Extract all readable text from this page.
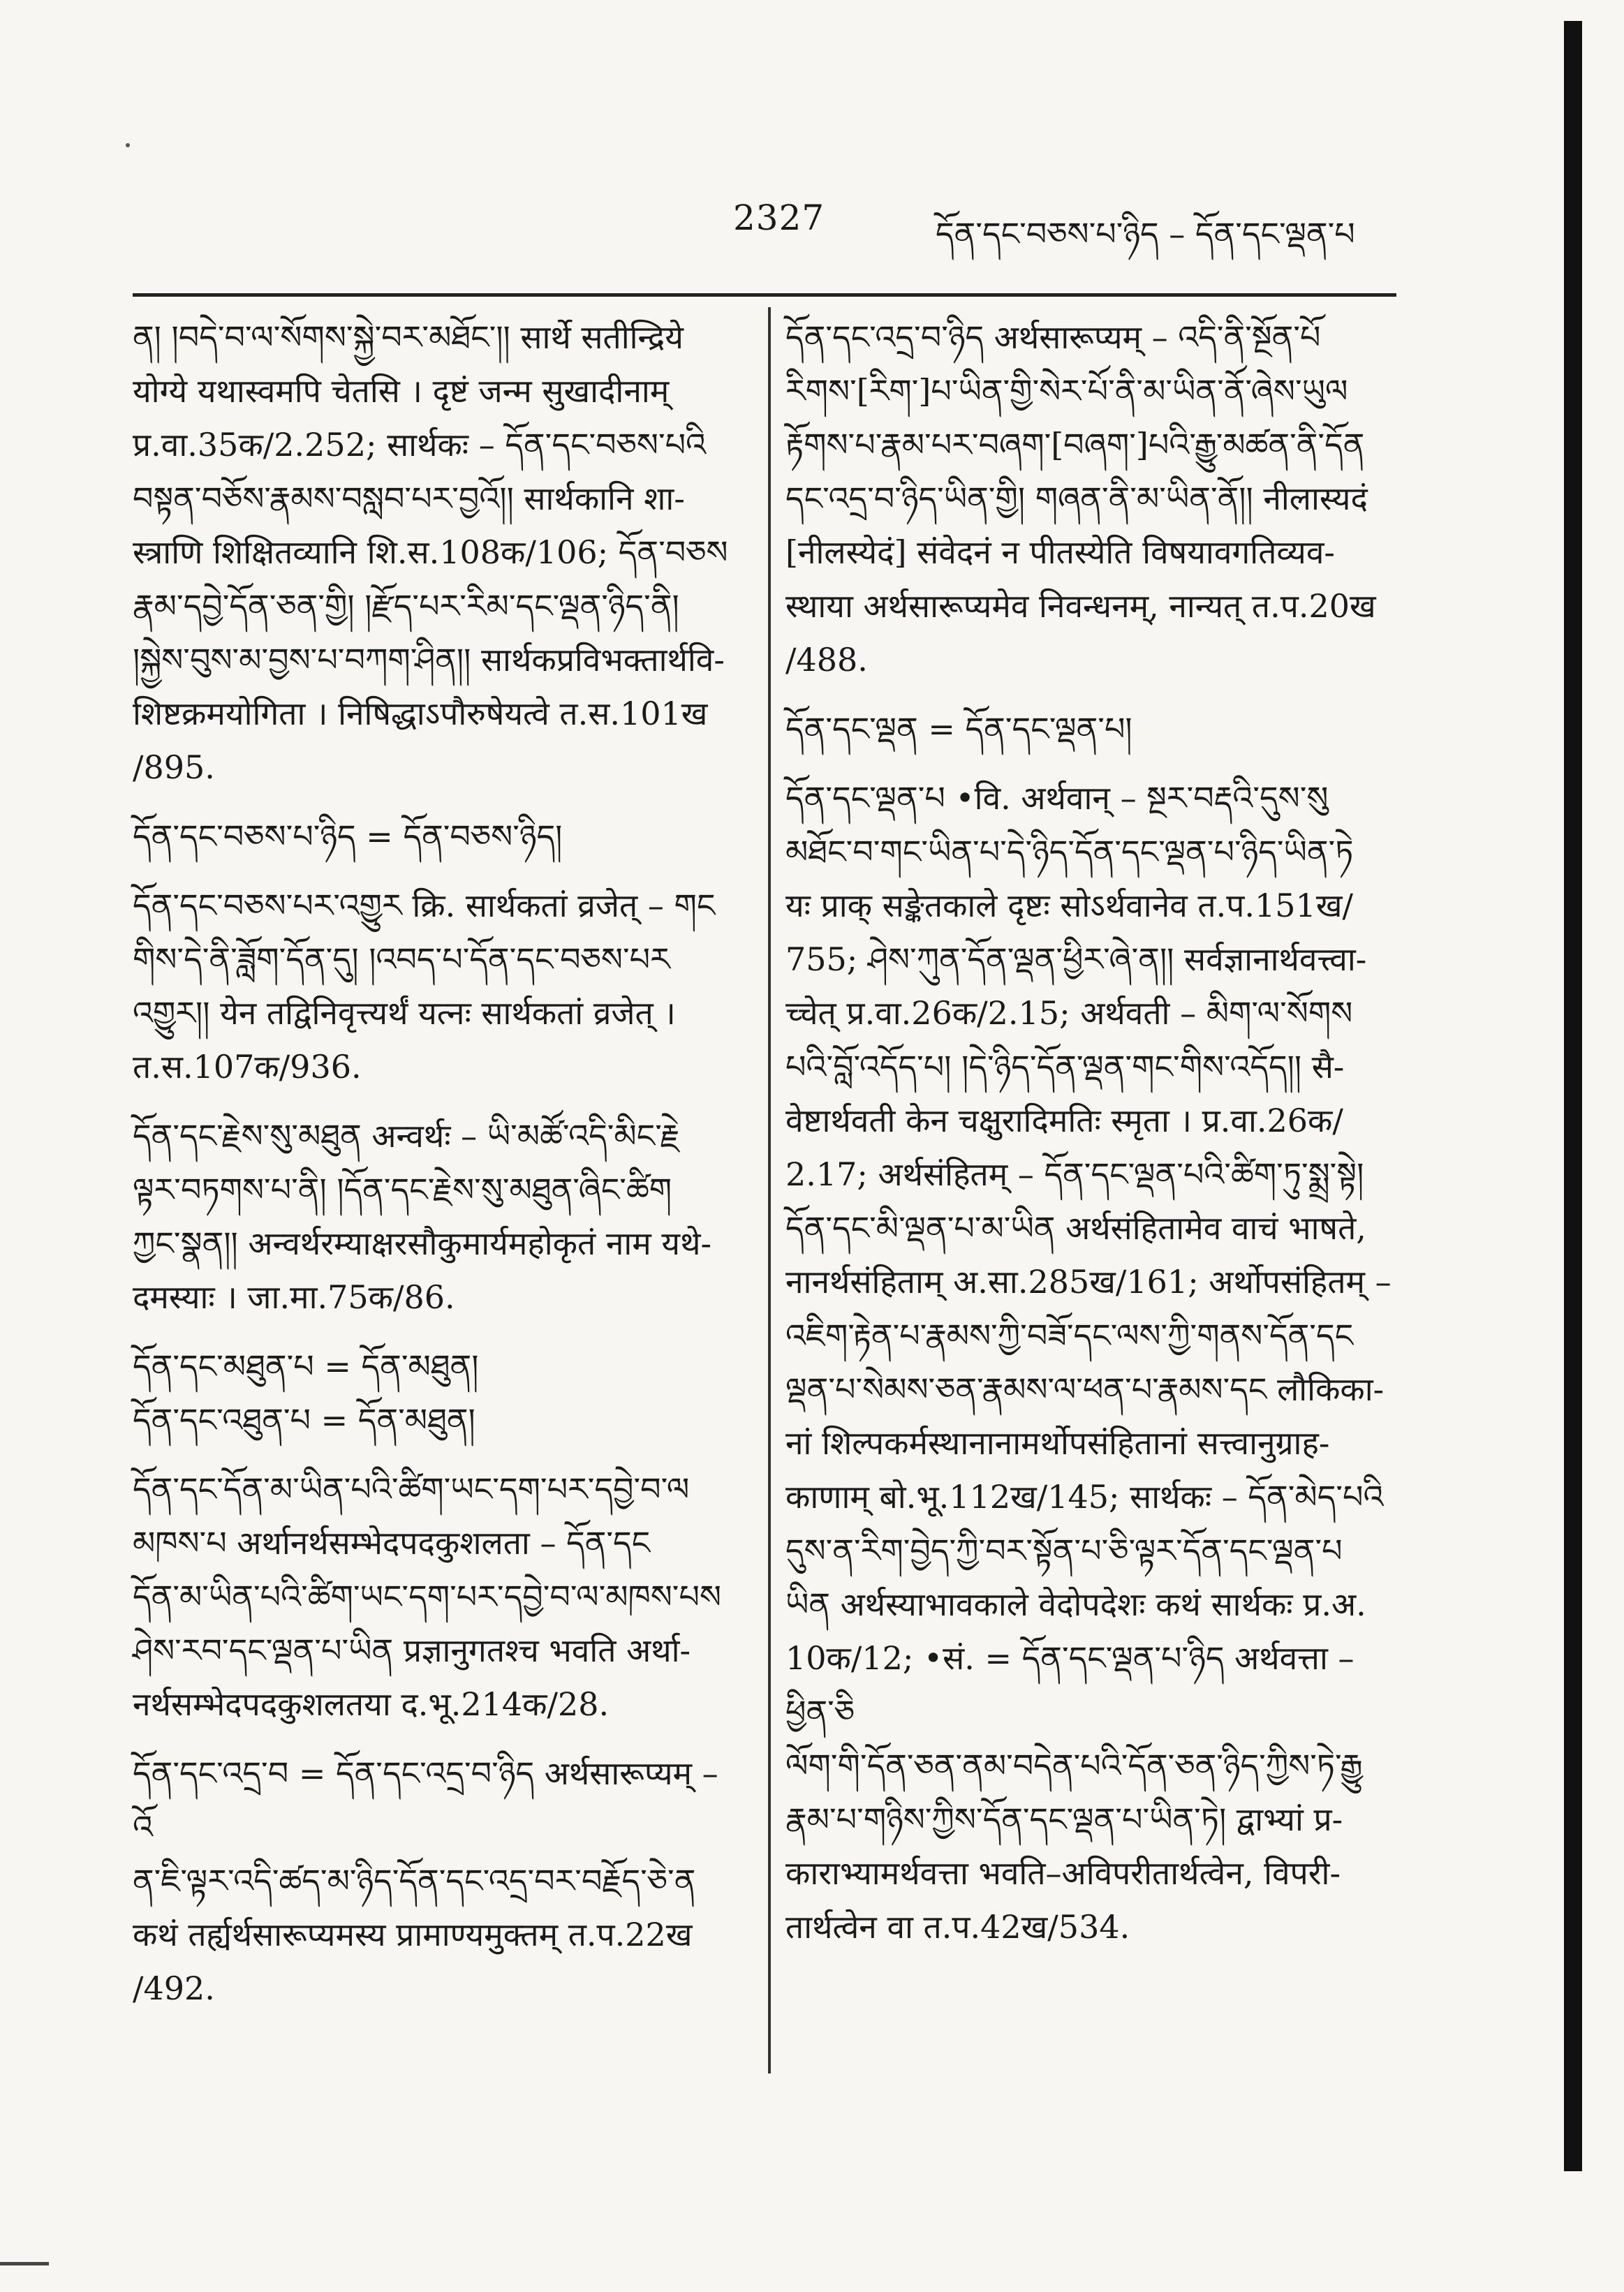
2327	དོན་དང་བཅས་པ་ཉིད – དོན་དང་ལྡན་པ
ན། །བདེ་བ་ལ་སོགས་སྐྱེ་བར་མཐོང་།། सार्थे सतीन्द्रिये
योग्ये यथास्वमपि चेतसि । दृष्टं जन्म सुखादीनाम्
प्र.वा.35क/2.252; सार्थकः – དོན་དང་བཅས་པའི
བསྟན་བཅོས་རྣམས་བསླབ་པར་བྱའོ།། सार्थकानि शा-
स्त्राणि शिक्षितव्यानि शि.स.108क/106; དོན་བཅས
རྣམ་དབྱེ་དོན་ཅན་གྱི། །རྫོད་པར་རིམ་དང་ལྡན་ཉིད་ནི།
།སྐྱེས་བུས་མ་བྱས་པ་བཀག་ཤིན།། सार्थकप्रविभक्तार्थवि-
शिष्टक्रमयोगिता । निषिद्धाऽपौरुषेयत्वे त.स.101ख
/895.
དོན་དང་བཅས་པ་ཉིད = དོན་བཅས་ཉིད།
དོན་དང་བཅས་པར་འགྱུར क्रि. सार्थकतां व्रजेत् – གང
གིས་དེ་ནི་ཟློག་དོན་དུ། །འབད་པ་དོན་དང་བཅས་པར
འགྱུར།། येन तद्विनिवृत्त्यर्थं यत्नः सार्थकतां व्रजेत् ।
त.स.107क/936.
དོན་དང་རྗེས་སུ་མཐུན अन्वर्थः – ཡི་མཚོ་འདི་མིང་རྗེ
ལྟར་བཏགས་པ་ནི། །དོན་དང་རྗེས་སུ་མཐུན་ཞིང་ཚིག
ཀྱང་སྣན།། अन्वर्थरम्याक्षरसौकुमार्यमहोकृतं नाम यथे-
दमस्याः । जा.मा.75क/86.
དོན་དང་མཐུན་པ = དོན་མཐུན།
དོན་དང་འཐུན་པ = དོན་མཐུན།
དོན་དང་དོན་མ་ཡིན་པའི་ཚིག་ཡང་དག་པར་དབྱེ་བ་ལ
མཁས་པ अर्थानर्थसम्भेदपदकुशलता – དོན་དང
དོན་མ་ཡིན་པའི་ཚིག་ཡང་དག་པར་དབྱེ་བ་ལ་མཁས་པས
ཤེས་རབ་དང་ལྡན་པ་ཡིན प्रज्ञानुगतश्च भवति अर्था-
नर्थसम्भेदपदकुशलतया द.भू.214क/28.
དོན་དང་འདྲ་བ = དོན་དང་འདྲ་བ་ཉིད अर्थसारूप्यम् – འོ
ན་ཇི་ལྟར་འདི་ཚད་མ་ཉིད་དོན་དང་འདྲ་བར་བརྗོད་ཅེ་ན
कथं तर्ह्यर्थसारूप्यमस्य प्रामाण्यमुक्तम् त.प.22ख
/492.
དོན་དང་འདྲ་བ་ཉིད अर्थसारूप्यम् – འདི་ནི་སྔོན་པོ
རིགས་[རིག་]པ་ཡིན་གྱི་སེར་པོ་ནི་མ་ཡིན་ནོ་ཞེས་ཡུལ
རྟོགས་པ་རྣམ་པར་བཞག་[བཞག་]པའི་རྒྱུ་མཚན་ནི་དོན
དང་འདྲ་བ་ཉིད་ཡིན་གྱི། གཞན་ནི་མ་ཡིན་ནོ།། नीलास्यदं
[नीलस्येदं] संवेदनं न पीतस्येति विषयावगतिव्यव-
स्थाया अर्थसारूप्यमेव निवन्धनम्, नान्यत् त.प.20ख
/488.
དོན་དང་ལྡན = དོན་དང་ལྡན་པ།
དོན་དང་ལྡན་པ •वि. अर्थवान् – སྔར་བརྡའི་དུས་སུ
མཐོང་བ་གང་ཡིན་པ་དེ་ཉིད་དོན་དང་ལྡན་པ་ཉིད་ཡིན་ཏེ
यः प्राक् सङ्केतकाले दृष्टः सोऽर्थवानेव त.प.151ख/
755; ཤེས་ཀུན་དོན་ལྡན་ཕྱིར་ཞེ་ན།། सर्वज्ञानार्थवत्त्वा-
च्चेत् प्र.वा.26क/2.15; अर्थवती – མིག་ལ་སོགས
པའི་བློ་འདོད་པ། །དེ་ཉིད་དོན་ལྡན་གང་གིས་འདོད།། सै-
वेष्टार्थवती केन चक्षुरादिमतिः स्मृता । प्र.वा.26क/
2.17; अर्थसंहितम् – དོན་དང་ལྡན་པའི་ཚིག་ཏུ་སྨྲ་སྟེ།
དོན་དང་མི་ལྡན་པ་མ་ཡིན अर्थसंहितामेव वाचं भाषते,
नानर्थसंहिताम् अ.सा.285ख/161; अर्थोपसंहितम् –
འཇིག་རྟེན་པ་རྣམས་ཀྱི་བཟོ་དང་ལས་ཀྱི་གནས་དོན་དང
ལྡན་པ་སེམས་ཅན་རྣམས་ལ་ཕན་པ་རྣམས་དང लौकिका-
नां शिल्पकर्मस्थानानामर्थोपसंहितानां सत्त्वानुग्राह-
काणाम् बो.भू.112ख/145; सार्थकः – དོན་མེད་པའི
དུས་ན་རིག་བྱེད་ཀྱི་བར་སྟོན་པ་ཅི་ལྟར་དོན་དང་ལྡན་པ
ཡིན अर्थस्याभावकाले वेदोपदेशः कथं सार्थकः प्र.अ.
10क/12; •सं. = དོན་དང་ལྡན་པ་ཉིད अर्थवत्ता – ཕྱིན་ཅི
ལོག་གི་དོན་ཅན་ནམ་བདེན་པའི་དོན་ཅན་ཉིད་ཀྱིས་ཏེ་རྒྱུ
རྣམ་པ་གཉིས་ཀྱིས་དོན་དང་ལྡན་པ་ཡིན་ཏེ། द्वाभ्यां प्र-
काराभ्यामर्थवत्ता भवति–अविपरीतार्थत्वेन, विपरी-
तार्थत्वेन वा त.प.42ख/534.
